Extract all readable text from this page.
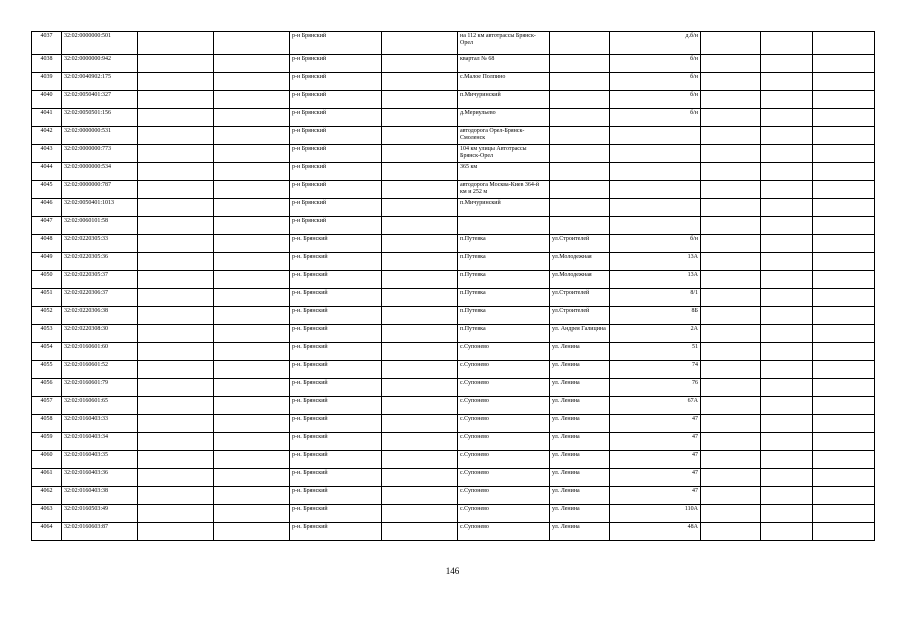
4037	32:02:0000000:501			р-н Брянский		на 112 км автотрассы Брянск-Орел		д.б/н			
4038	32:02:0000000:942			р-н Брянский		квартал № 68		б/н			
4039	32:02:0040902:175			р-н Брянский		с.Малое Полпино		б/н			
4040	32:02:0050401:327			р-н Брянский		п.Мичуринский		б/н			
4041	32:02:0050501:156			р-н Брянский		д.Мериульево		б/н			
4042	32:02:0000000:531			р-н Брянский		автодорога Орел-Брянск-Смоленск					
4043	32:02:0000000:773			р-н Брянский		104 км улицы Автотрассы Брянск-Орел					
4044	32:02:0000000:534			р-н Брянский		365 км					
4045	32:02:0000000:787			р-н Брянский		автодорога Москва-Киев 364-й км и 252 м					
4046	32:02:0050401:1013			р-н Брянский		п.Мичуринский					
4047	32:02:0060101:58			р-н Брянский							
4048	32:02:0220305:33			р-н. Брянский		п.Путевка	ул.Строителей	б/н			
4049	32:02:0220305:36			р-н. Брянский		п.Путевка	ул.Молодежная	13А			
4050	32:02:0220305:37			р-н. Брянский		п.Путевка	ул.Молодежная	13А			
4051	32:02:0220306:37			р-н. Брянский		п.Путевка	ул.Строителей	8/1			
4052	32:02:0220306:38			р-н. Брянский		п.Путевка	ул.Строителей	8Б			
4053	32:02:0220308:30			р-н. Брянский		п.Путевка	ул. Андрея Галицина	2А			
4054	32:02:0160601:60			р-н. Брянский		с.Супонево	ул. Ленина	51			
4055	32:02:0160601:52			р-н. Брянский		с.Супонево	ул. Ленина	74			
4056	32:02:0160601:79			р-н. Брянский		с.Супонево	ул. Ленина	76			
4057	32:02:0160601:65			р-н. Брянский		с.Супонево	ул. Ленина	67А			
4058	32:02:0160403:33			р-н. Брянский		с.Супонево	ул. Ленина	47			
4059	32:02:0160403:34			р-н. Брянский		с.Супонево	ул. Ленина	47			
4060	32:02:0160403:35			р-н. Брянский		с.Супонево	ул. Ленина	47			
4061	32:02:0160403:36			р-н. Брянский		с.Супонево	ул. Ленина	47			
4062	32:02:0160403:38			р-н. Брянский		с.Супонево	ул. Ленина	47			
4063	32:02:0160503:49			р-н. Брянский		с.Супонево	ул. Ленина	110А			
4064	32:02:0160603:87			р-н. Брянский		с.Супонево	ул. Ленина	48А			
146
